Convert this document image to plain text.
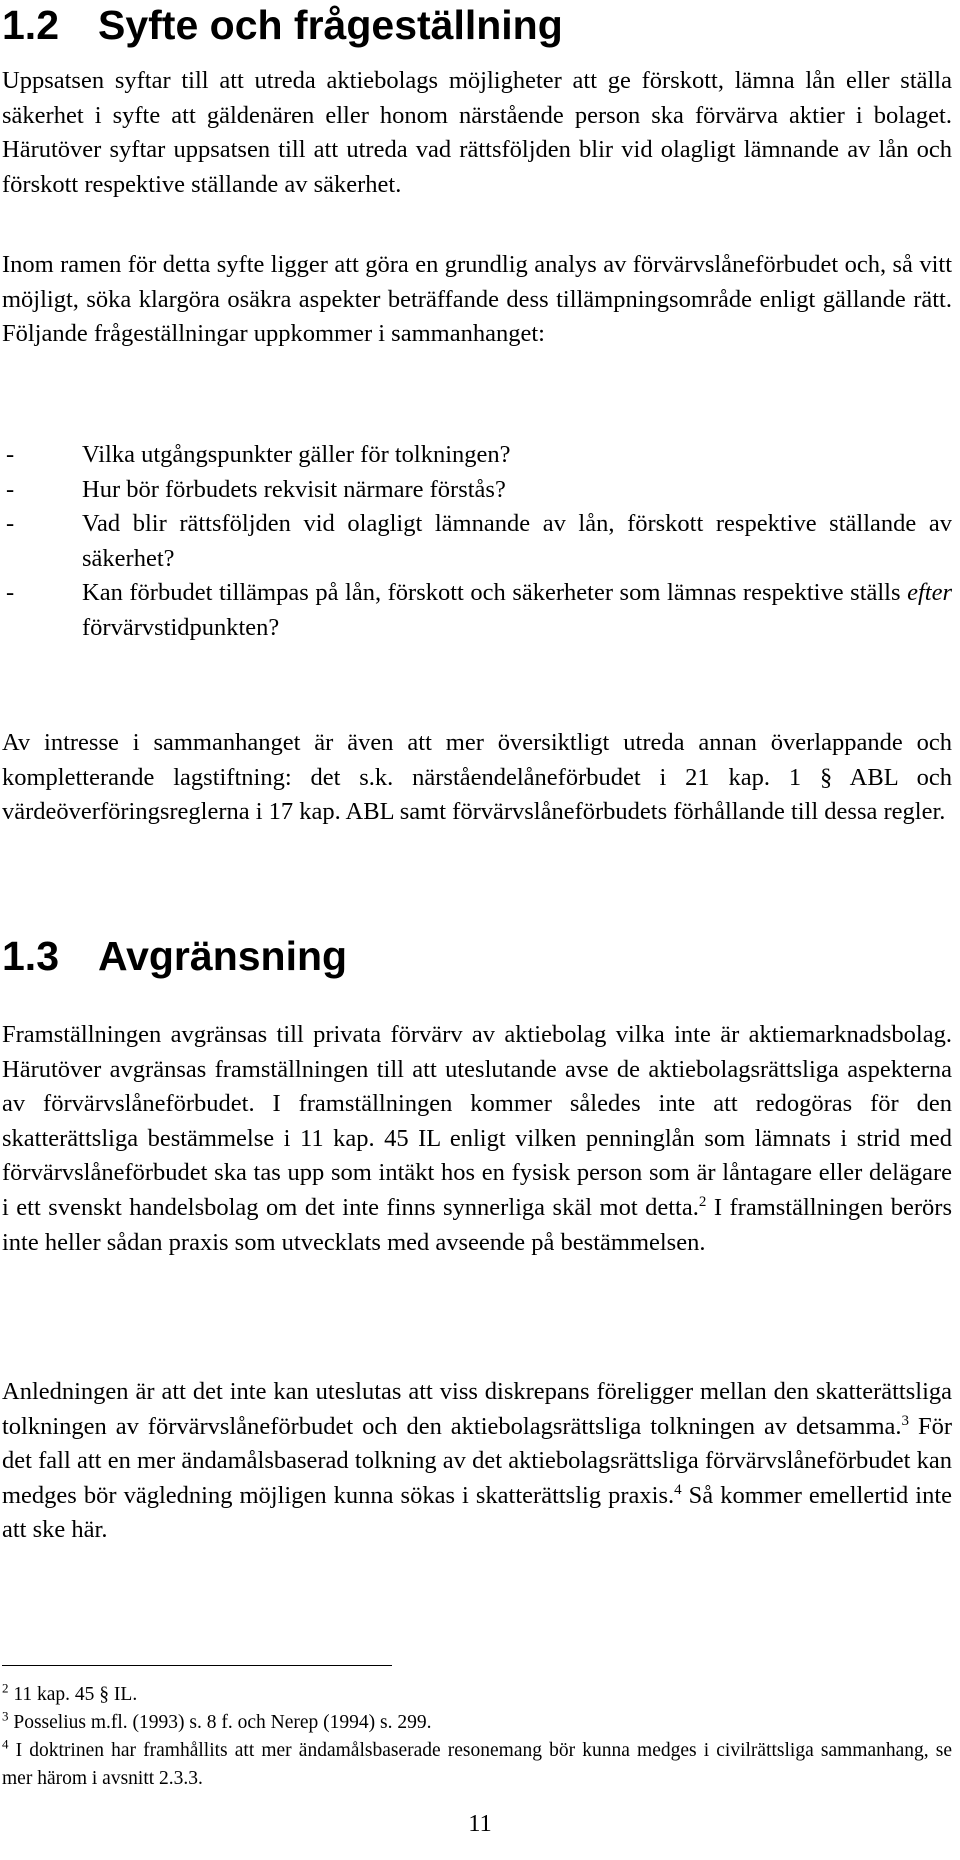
1.2 Syfte och frågeställning

Uppsatsen syftar till att utreda aktiebolags möjligheter att ge förskott, lämna lån eller ställa säkerhet i syfte att gäldenären eller honom närstående person ska förvärva aktier i bolaget. Härutöver syftar uppsatsen till att utreda vad rättsföljden blir vid olagligt lämnande av lån och förskott respektive ställande av säkerhet.

Inom ramen för detta syfte ligger att göra en grundlig analys av förvärvslåneförbudet och, så vitt möjligt, söka klargöra osäkra aspekter beträffande dess tillämpningsområde enligt gällande rätt. Följande frågeställningar uppkommer i sammanhanget:

-	Vilka utgångspunkter gäller för tolkningen?
-	Hur bör förbudets rekvisit närmare förstås?
-	Vad blir rättsföljden vid olagligt lämnande av lån, förskott respektive ställande av säkerhet?
-	Kan förbudet tillämpas på lån, förskott och säkerheter som lämnas respektive ställs efter förvärvstidpunkten?

Av intresse i sammanhanget är även att mer översiktligt utreda annan överlappande och kompletterande lagstiftning: det s.k. närståendelåneförbudet i 21 kap. 1 § ABL och värdeöverföringsreglerna i 17 kap. ABL samt förvärvslåneförbudets förhållande till dessa regler.

1.3 Avgränsning

Framställningen avgränsas till privata förvärv av aktiebolag vilka inte är aktiemarknadsbolag. Härutöver avgränsas framställningen till att uteslutande avse de aktiebolagsrättsliga aspekterna av förvärvslåneförbudet. I framställningen kommer således inte att redogöras för den skatterättsliga bestämmelse i 11 kap. 45 IL enligt vilken penninglån som lämnats i strid med förvärvslåneförbudet ska tas upp som intäkt hos en fysisk person som är låntagare eller delägare i ett svenskt handelsbolag om det inte finns synnerliga skäl mot detta.$^2$ I framställningen berörs inte heller sådan praxis som utvecklats med avseende på bestämmelsen.

Anledningen är att det inte kan uteslutas att viss diskrepans föreligger mellan den skatterättsliga tolkningen av förvärvslåneförbudet och den aktiebolagsrättsliga tolkningen av detsamma.$^3$ För det fall att en mer ändamålsbaserad tolkning av det aktiebolagsrättsliga förvärvslåneförbudet kan medges bör vägledning möjligen kunna sökas i skatterättslig praxis.$^4$ Så kommer emellertid inte att ske här.

$^2$ 11 kap. 45 § IL.

$^3$ Posselius m.fl. (1993) s. 8 f. och Nerep (1994) s. 299.

$^4$ I doktrinen har framhållits att mer ändamålsbaserade resonemang bör kunna medges i civilrättsliga sammanhang, se mer härom i avsnitt 2.3.3.

11
